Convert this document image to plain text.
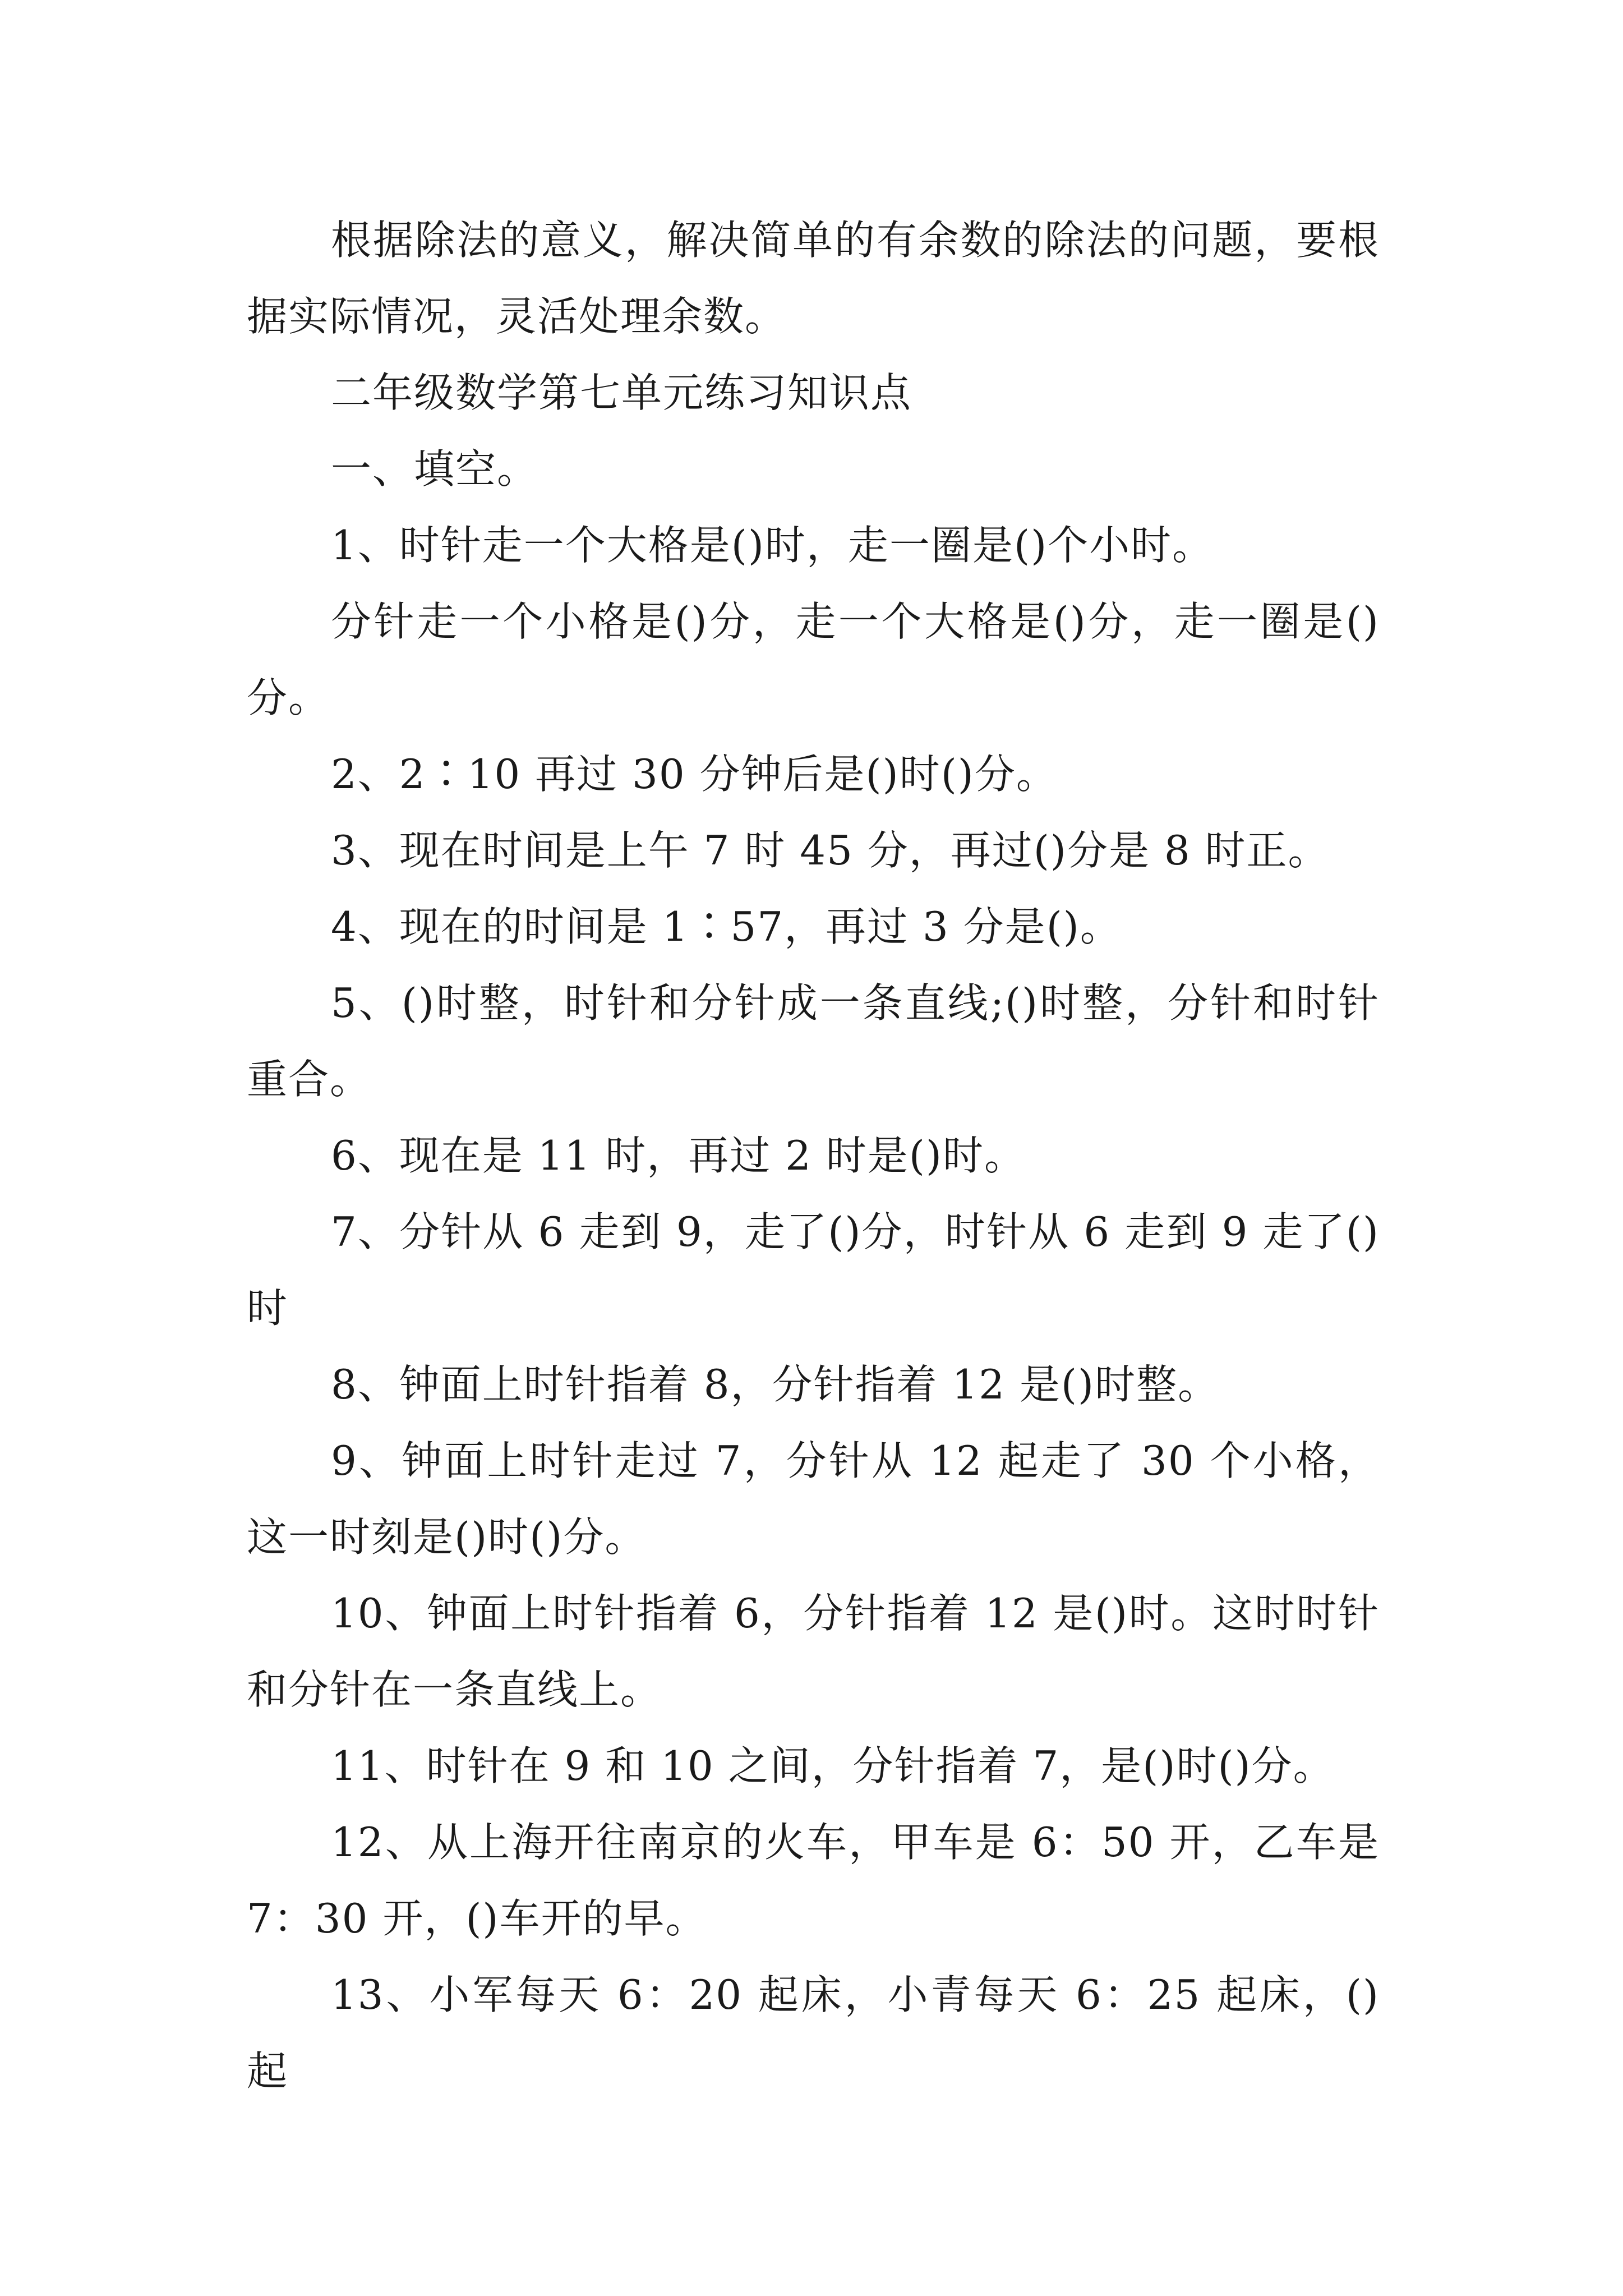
根据除法的意义，解决简单的有余数的除法的问题，要根据实际情况，灵活处理余数。

二年级数学第七单元练习知识点

一、填空。

1、时针走一个大格是()时，走一圈是()个小时。

分针走一个小格是()分，走一个大格是()分，走一圈是()分。

2、2∶10 再过 30 分钟后是()时()分。

3、现在时间是上午 7 时 45 分，再过()分是 8 时正。

4、现在的时间是 1∶57，再过 3 分是()。

5、()时整，时针和分针成一条直线;()时整，分针和时针重合。

6、现在是 11 时，再过 2 时是()时。

7、分针从 6 走到 9，走了()分，时针从 6 走到 9 走了()时

8、钟面上时针指着 8，分针指着 12 是()时整。

9、钟面上时针走过 7，分针从 12 起走了 30 个小格，这一时刻是()时()分。

10、钟面上时针指着 6，分针指着 12 是()时。这时时针和分针在一条直线上。

11、时针在 9 和 10 之间，分针指着 7，是()时()分。

12、从上海开往南京的火车，甲车是 6：50 开，乙车是 7：30 开，()车开的早。

13、小军每天 6：20 起床，小青每天 6：25 起床，()起
